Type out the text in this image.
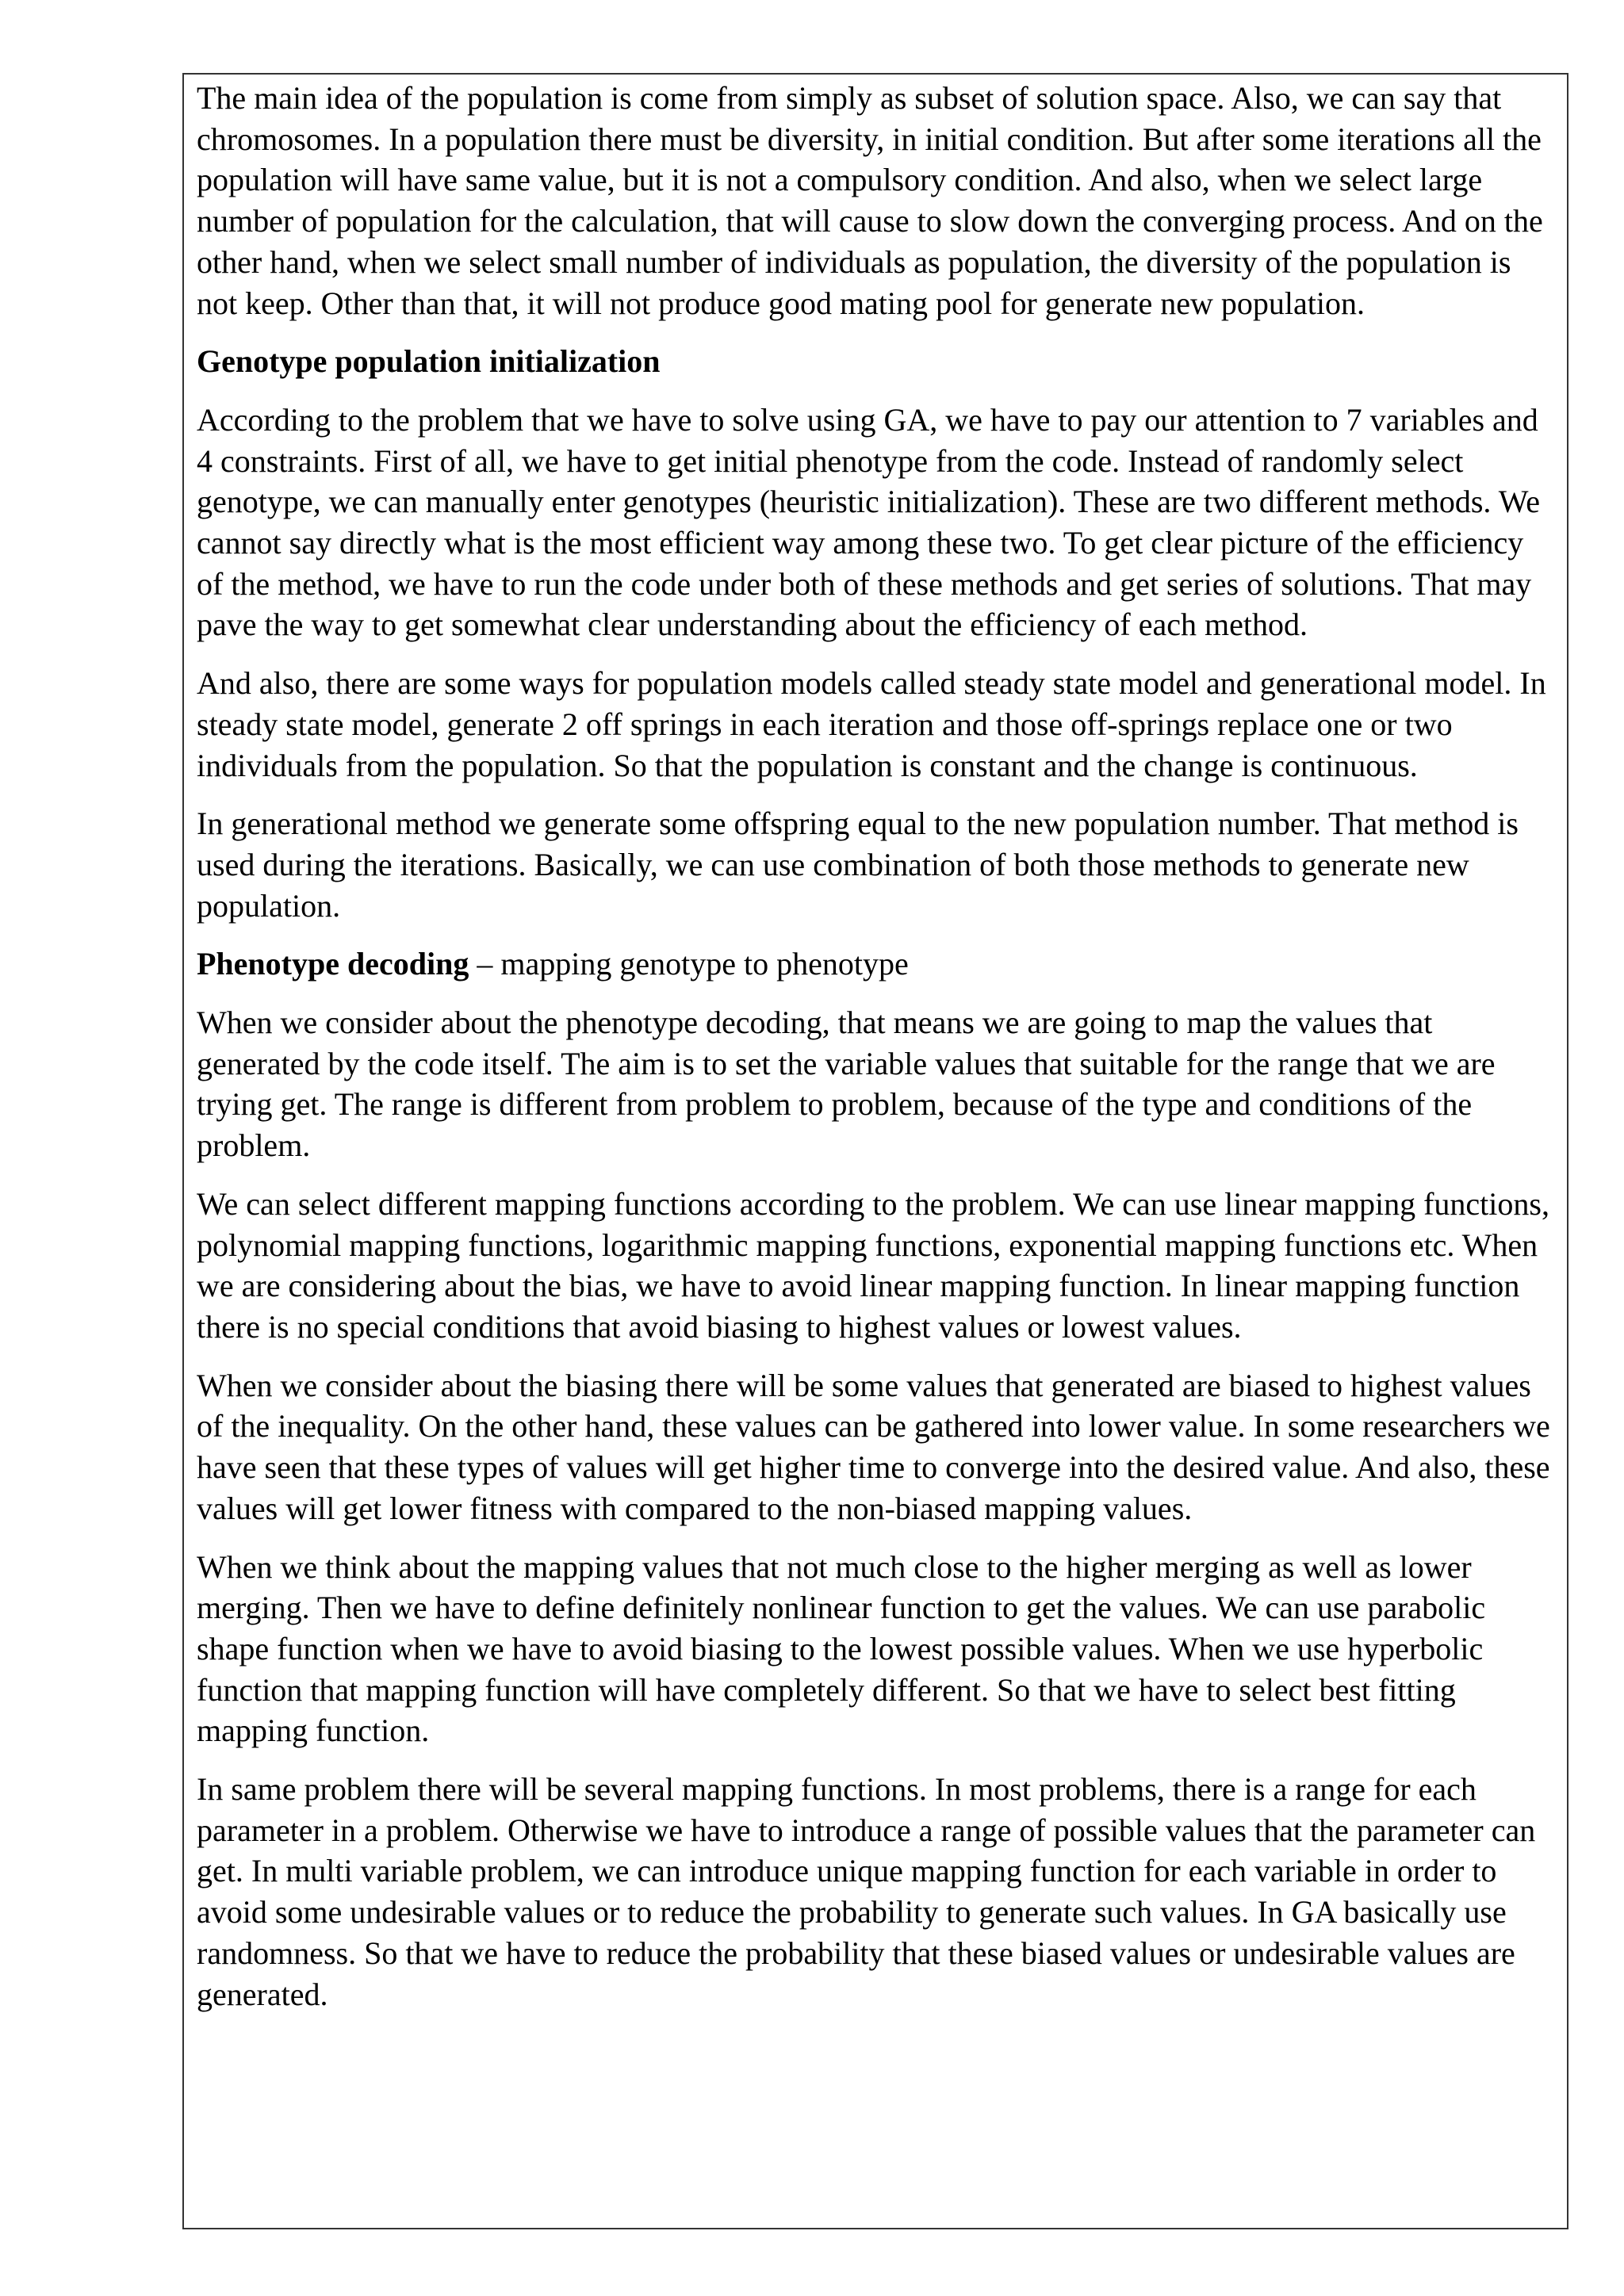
The main idea of the population is come from simply as subset of solution space. Also, we can say that chromosomes. In a population there must be diversity, in initial condition. But after some iterations all the population will have same value, but it is not a compulsory condition. And also, when we select large number of population for the calculation, that will cause to slow down the converging process. And on the other hand, when we select small number of individuals as population, the diversity of the population is not keep. Other than that, it will not produce good mating pool for generate new population.

Genotype population initialization

According to the problem that we have to solve using GA, we have to pay our attention to 7 variables and 4 constraints. First of all, we have to get initial phenotype from the code. Instead of randomly select genotype, we can manually enter genotypes (heuristic initialization). These are two different methods. We cannot say directly what is the most efficient way among these two. To get clear picture of the efficiency of the method, we have to run the code under both of these methods and get series of solutions. That may pave the way to get somewhat clear understanding about the efficiency of each method.

And also, there are some ways for population models called steady state model and generational model. In steady state model, generate 2 off springs in each iteration and those off-springs replace one or two individuals from the population. So that the population is constant and the change is continuous.

In generational method we generate some offspring equal to the new population number. That method is used during the iterations. Basically, we can use combination of both those methods to generate new population.

Phenotype decoding – mapping genotype to phenotype

When we consider about the phenotype decoding, that means we are going to map the values that generated by the code itself. The aim is to set the variable values that suitable for the range that we are trying get. The range is different from problem to problem, because of the type and conditions of the problem.

We can select different mapping functions according to the problem. We can use linear mapping functions, polynomial mapping functions, logarithmic mapping functions, exponential mapping functions etc. When we are considering about the bias, we have to avoid linear mapping function. In linear mapping function there is no special conditions that avoid biasing to highest values or lowest values.

When we consider about the biasing there will be some values that generated are biased to highest values of the inequality. On the other hand, these values can be gathered into lower value. In some researchers we have seen that these types of values will get higher time to converge into the desired value. And also, these values will get lower fitness with compared to the non-biased mapping values.

When we think about the mapping values that not much close to the higher merging as well as lower merging. Then we have to define definitely nonlinear function to get the values. We can use parabolic shape function when we have to avoid biasing to the lowest possible values. When we use hyperbolic function that mapping function will have completely different. So that we have to select best fitting mapping function.

In same problem there will be several mapping functions. In most problems, there is a range for each parameter in a problem. Otherwise we have to introduce a range of possible values that the parameter can get. In multi variable problem, we can introduce unique mapping function for each variable in order to avoid some undesirable values or to reduce the probability to generate such values. In GA basically use randomness. So that we have to reduce the probability that these biased values or undesirable values are generated.
